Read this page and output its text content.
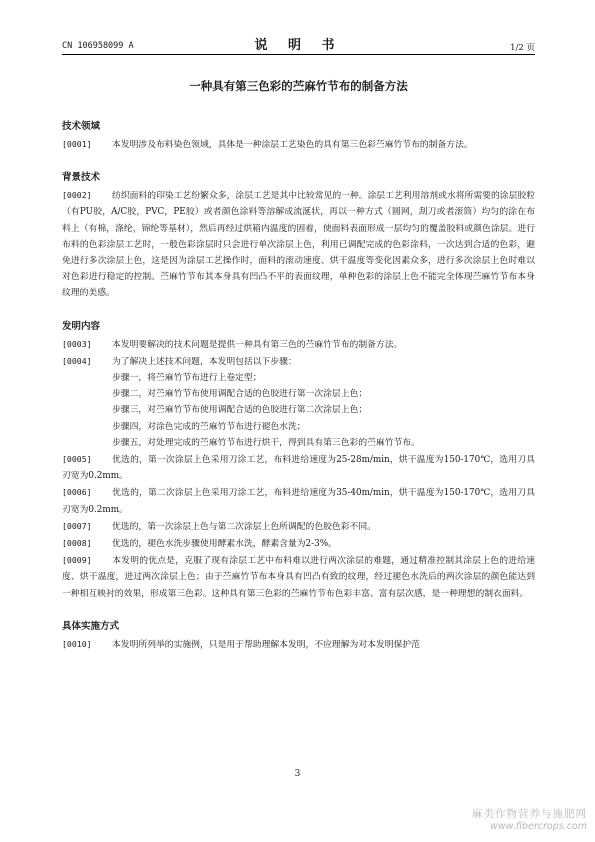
CN 106958099 A	说 明 书	1/2 页
一种具有第三色彩的苎麻竹节布的制备方法
技术领域
[0001] 本发明涉及布料染色领域，具体是一种涂层工艺染色的具有第三色彩苎麻竹节布的制备方法。
背景技术
[0002] 纺织面料的印染工艺纷繁众多，涂层工艺是其中比较常见的一种。涂层工艺利用溶剂或水将所需要的涂层胶粒（有PU胶，A/C胶，PVC，PE胶）或者颜色涂料等溶解成流涎状，再以一种方式（圆网，刮刀或者滚筒）均匀的涂在布料上（有棉，涤纶，锦纶等基材），然后再经过烘箱内温度的固着，使面料表面形成一层均匀的覆盖胶料或颜色涂层。进行布料的色彩涂层工艺时，一般色彩涂层时只会进行单次涂层上色，利用已调配完成的色彩涂料，一次达到合适的色彩，避免进行多次涂层上色，这是因为涂层工艺操作时，面料的滚动速度、烘干温度等变化因素众多，进行多次涂层上色时难以对色彩进行稳定的控制。苎麻竹节布其本身具有凹凸不平的表面纹理，单种色彩的涂层上色不能完全体现苎麻竹节布本身纹理的美感。
发明内容
[0003] 本发明要解决的技术问题是提供一种具有第三色的苎麻竹节布的制备方法。
[0004] 为了解决上述技术问题，本发明包括以下步骤：
步骤一，将苎麻竹节布进行上卷定型；
步骤二，对苎麻竹节布使用调配合适的色胶进行第一次涂层上色；
步骤三，对苎麻竹节布使用调配合适的色胶进行第二次涂层上色；
步骤四，对涂色完成的苎麻竹节布进行褪色水洗；
步骤五，对处理完成的苎麻竹节布进行烘干，得到具有第三色彩的苎麻竹节布。
[0005] 优选的，第一次涂层上色采用刀涂工艺，布料进给速度为25-28m/min，烘干温度为150-170℃，选用刀具刃宽为0.2mm。
[0006] 优选的，第二次涂层上色采用刀涂工艺，布料进给速度为35-40m/min，烘干温度为150-170℃，选用刀具刃宽为0.2mm。
[0007] 优选的，第一次涂层上色与第二次涂层上色所调配的色胶色彩不同。
[0008] 优选的，褪色水洗步骤使用酵素水洗，酵素含量为2-3%。
[0009] 本发明的优点是，克服了现有涂层工艺中布料难以进行两次涂层的难题，通过精准控制其涂层上色的进给速度、烘干温度，进过两次涂层上色；由于苎麻竹节布本身具有凹凸有致的纹理，经过褪色水洗后的两次涂层的颜色能达到一种相互映衬的效果，形成第三色彩。这种具有第三色彩的苎麻竹节布色彩丰富、富有层次感，是一种理想的制衣面料。
具体实施方式
[0010] 本发明所列举的实施例，只是用于帮助理解本发明，不应理解为对本发明保护范
3
麻类作物营养与施肥网
www.fibercrops.com
